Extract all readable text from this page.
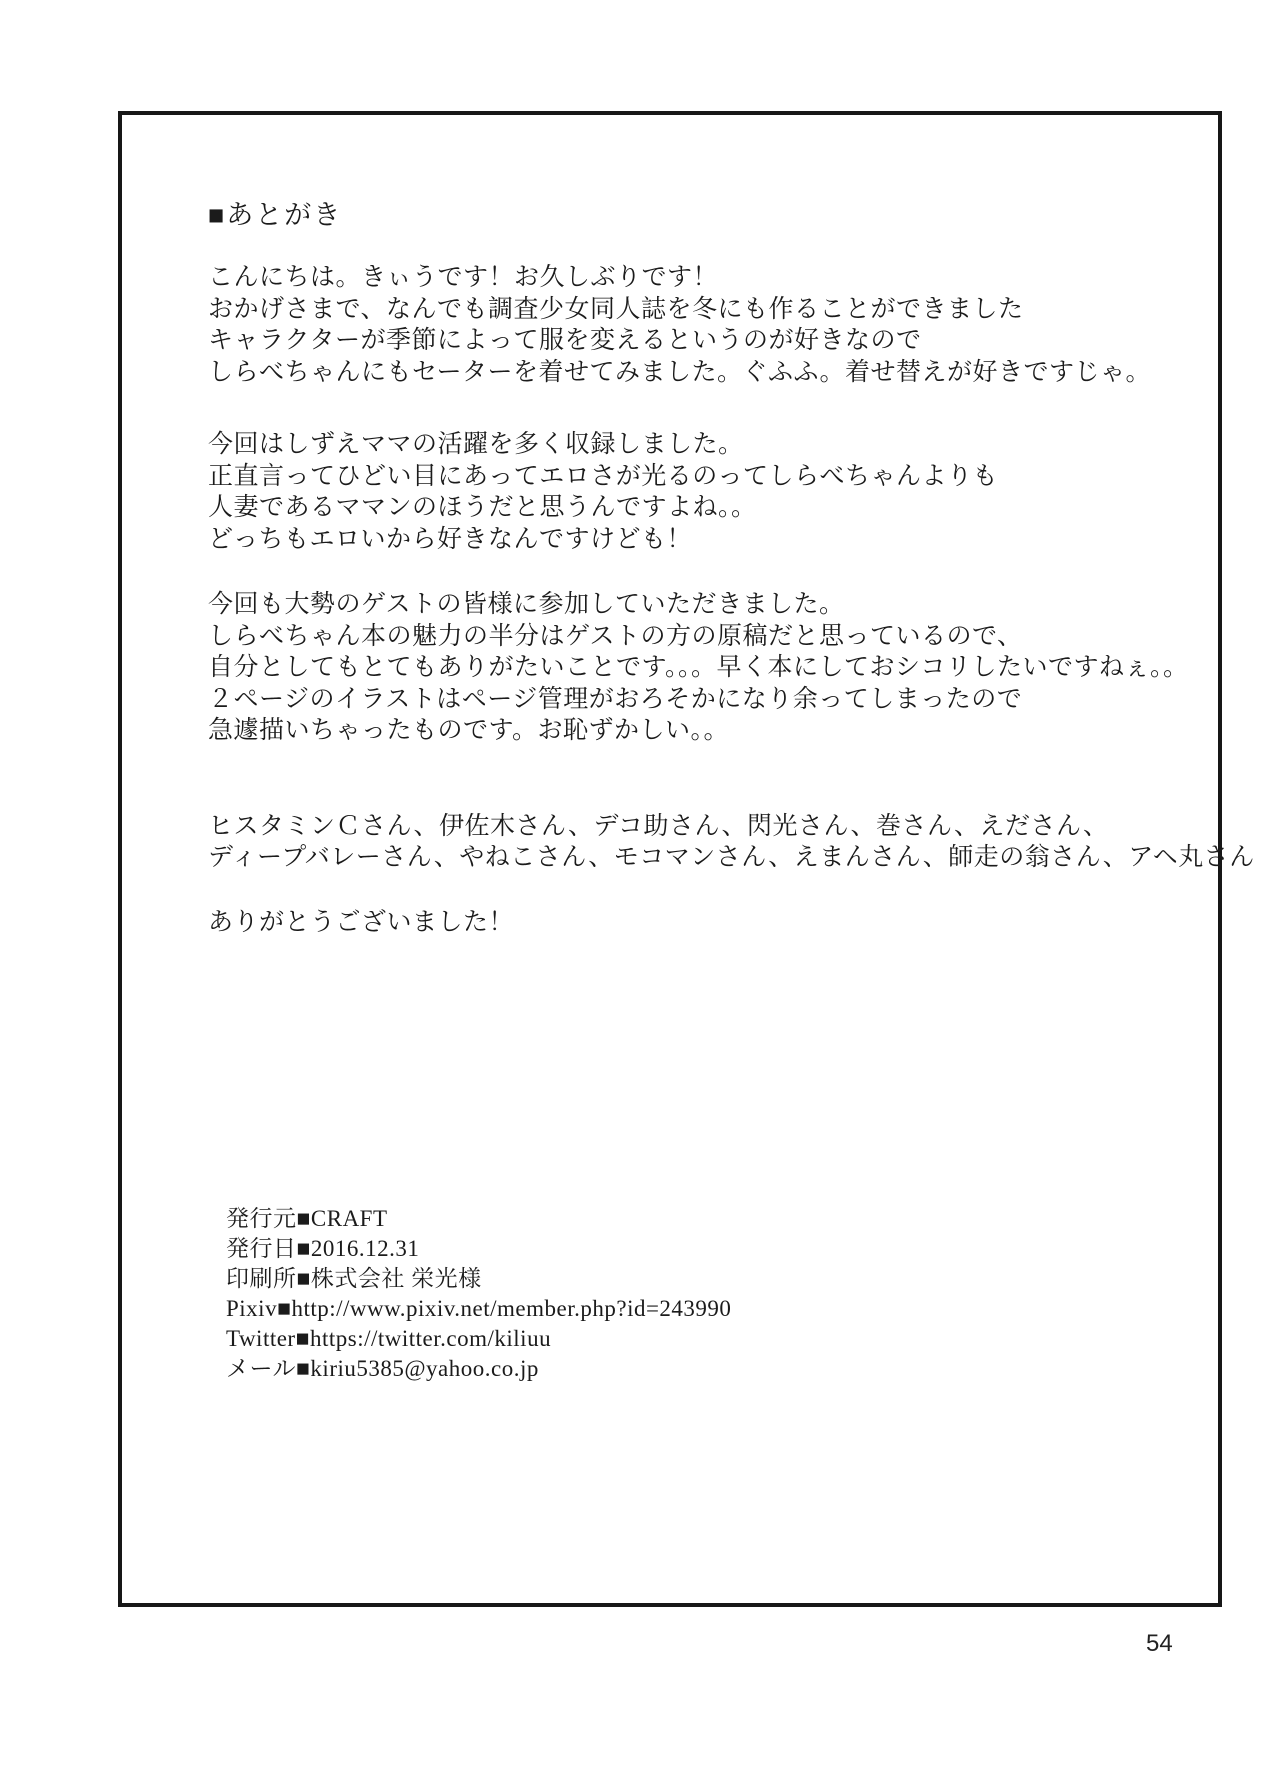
■あとがき
こんにちは。きぃうです！お久しぶりです！
おかげさまで、なんでも調査少女同人誌を冬にも作ることができました
キャラクターが季節によって服を変えるというのが好きなので
しらべちゃんにもセーターを着せてみました。ぐふふ。着せ替えが好きですじゃ。
今回はしずえママの活躍を多く収録しました。
正直言ってひどい目にあってエロさが光るのってしらべちゃんよりも
人妻であるママンのほうだと思うんですよね。。
どっちもエロいから好きなんですけども！
今回も大勢のゲストの皆様に参加していただきました。
しらべちゃん本の魅力の半分はゲストの方の原稿だと思っているので、
自分としてもとてもありがたいことです。。。早く本にしておシコリしたいですねぇ。。
２ページのイラストはページ管理がおろそかになり余ってしまったので
急遽描いちゃったものです。お恥ずかしい。。
ヒスタミンＣさん、伊佐木さん、デコ助さん、閃光さん、巻さん、えださん、
ディープバレーさん、やねこさん、モコマンさん、えまんさん、師走の翁さん、アヘ丸さん
ありがとうございました！
発行元■CRAFT
発行日■2016.12.31
印刷所■株式会社 栄光様
Pixiv■http://www.pixiv.net/member.php?id=243990
Twitter■https://twitter.com/kiliuu
メール■kiriu5385@yahoo.co.jp
54
